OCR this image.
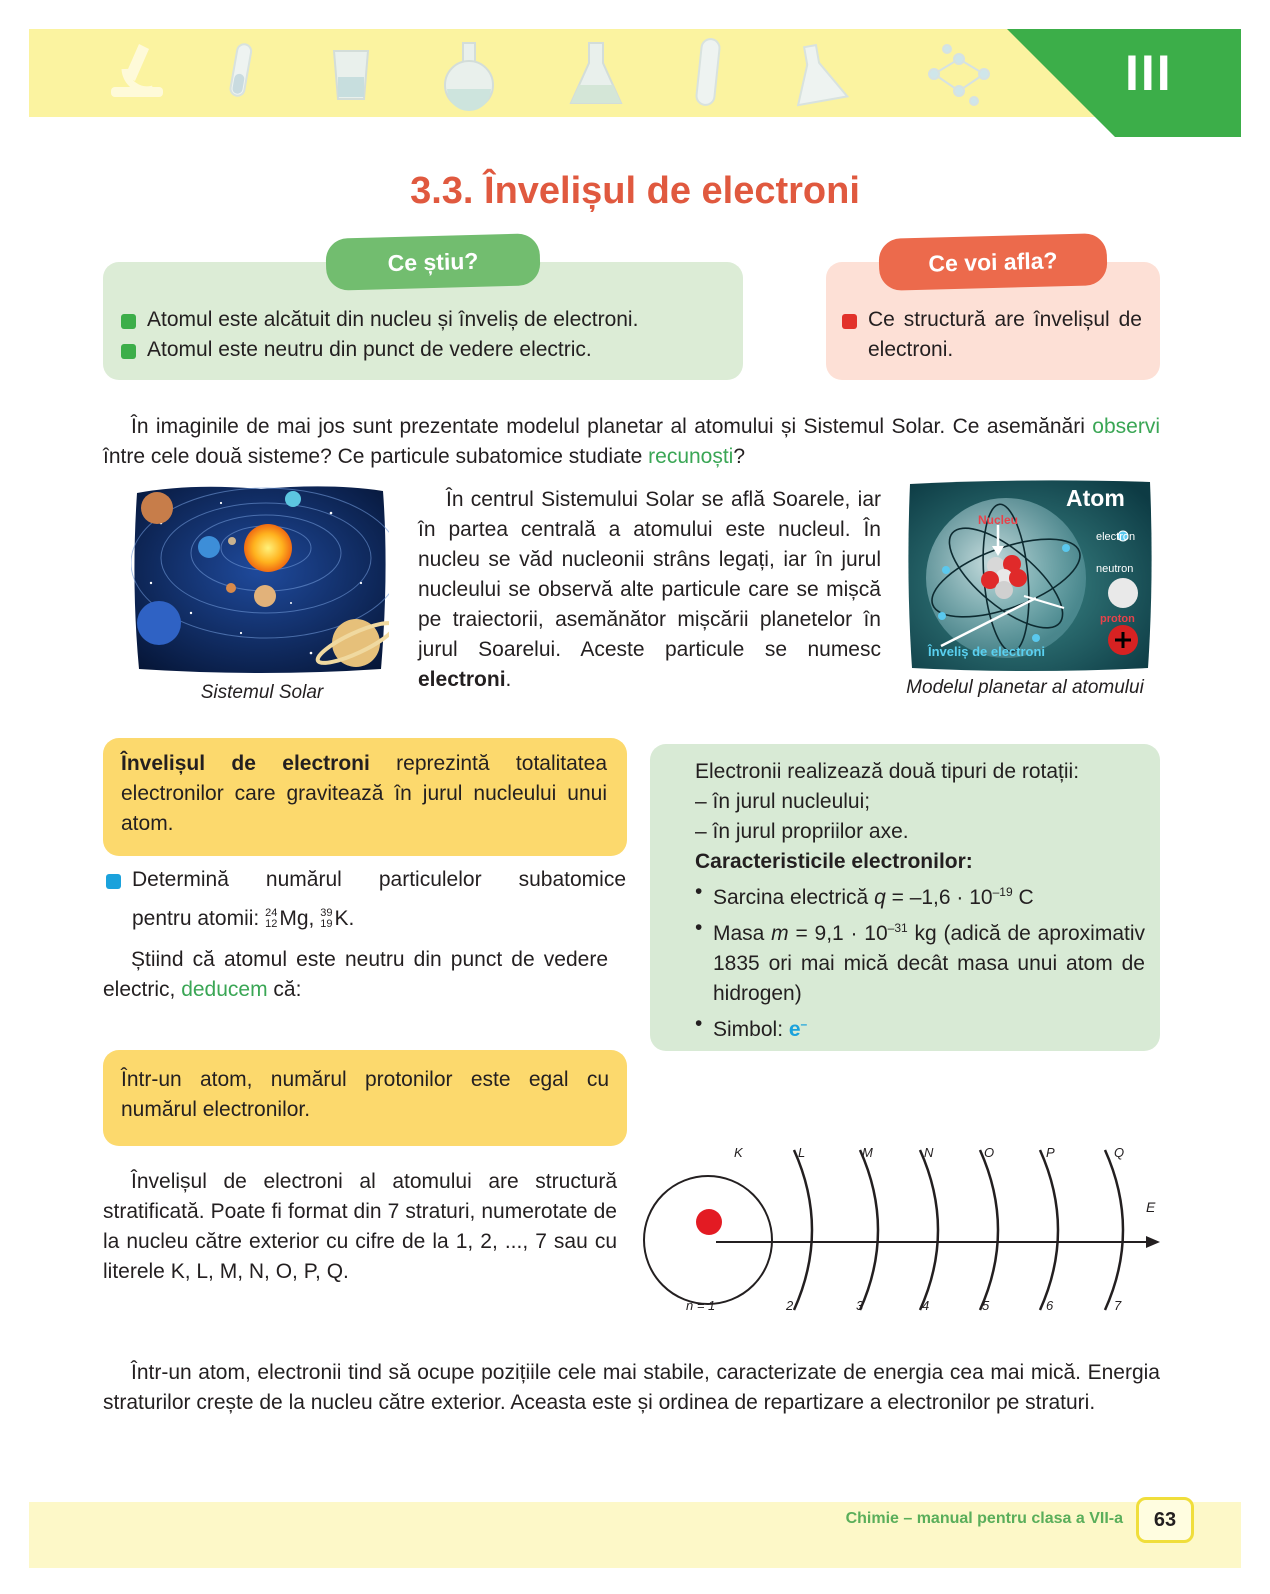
III
3.3. Învelișul de electroni
Ce știu?
Atomul este alcătuit din nucleu și înveliș de electroni.
Atomul este neutru din punct de vedere electric.
Ce voi afla?
Ce structură are învelișul de electroni.
În imaginile de mai jos sunt prezentate modelul planetar al atomului și Sistemul Solar. Ce asemănări observi între cele două sisteme? Ce particule subatomice studiate recunoști?
Sistemul Solar
În centrul Sistemului Solar se află Soarele, iar în partea centrală a atomului este nucleul. În nucleu se văd nucleonii strâns legați, iar în jurul nucleului se observă alte particule care se mișcă pe traiectorii, asemănător mișcării planetelor în jurul Soarelui. Aceste particule se numesc electroni.
Atom
Nucleu
electron
neutron
proton
Înveliș de electroni
Modelul planetar al atomului
Învelișul de electroni reprezintă totalitatea electronilor care gravitează în jurul nucleului unui atom.
Determină numărul particulelor subatomice
pentru atomii: 24
12Mg, 39
19K.
Știind că atomul este neutru din punct de vedere electric, deducem că:
Electronii realizează două tipuri de rotații:
– în jurul nucleului;
– în jurul propriilor axe.
Caracteristicile electronilor:
• Sarcina electrică $q = -1,6 \cdot 10^{-19}$ C
• Masa $m = 9,1 \cdot 10^{-31}$ kg (adică de aproximativ 1835 ori mai mică decât masa unui atom de hidrogen)
• Simbol: e–
Într-un atom, numărul protonilor este egal cu numărul electronilor.
Învelișul de electroni al atomului are structură stratificată. Poate fi format din 7 straturi, numerotate de la nucleu către exterior cu cifre de la 1, 2, ..., 7 sau cu literele K, L, M, N, O, P, Q.
K	L	M	N	O	P	Q
n = 1	2	3	4	5	6	7
E
Într-un atom, electronii tind să ocupe pozițiile cele mai stabile, caracterizate de energia cea mai mică. Energia straturilor crește de la nucleu către exterior. Aceasta este și ordinea de repartizare a electronilor pe straturi.
Chimie – manual pentru clasa a VII-a	63
